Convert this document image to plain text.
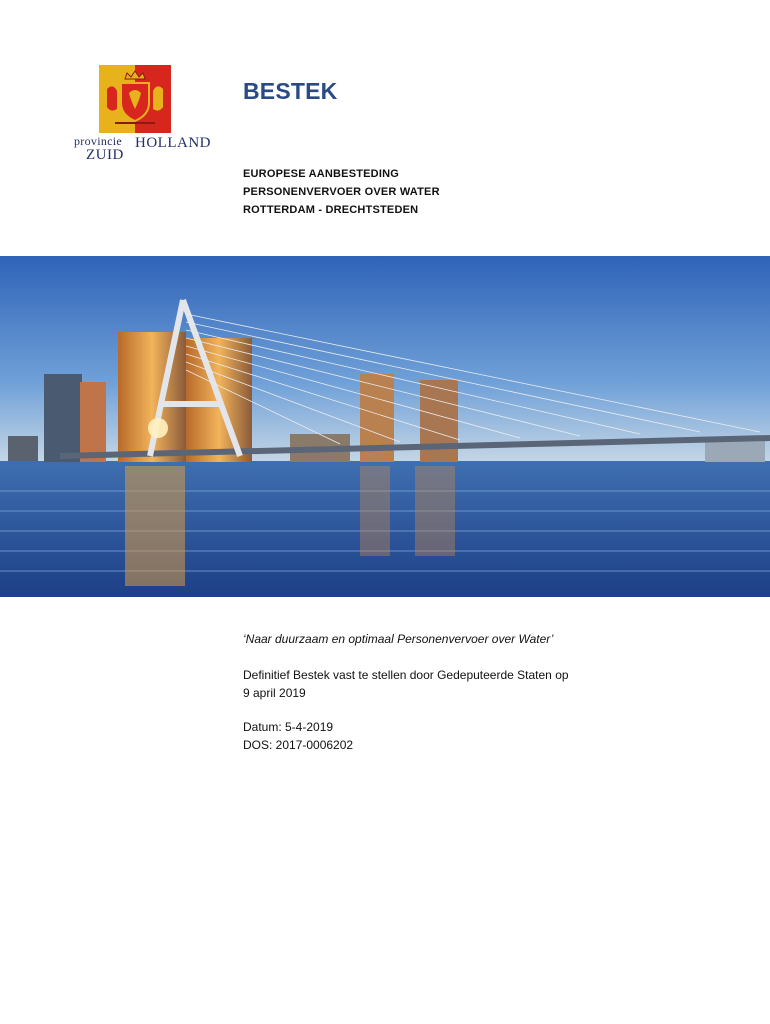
provincie HOLLAND
ZUID
BESTEK
EUROPESE AANBESTEDING
PERSONENVERVOER OVER WATER
ROTTERDAM - DRECHTSTEDEN
‘Naar duurzaam en optimaal Personenvervoer over Water’
Definitief Bestek vast te stellen door Gedeputeerde Staten op
9 april 2019
Datum: 5-4-2019
DOS: 2017-0006202
